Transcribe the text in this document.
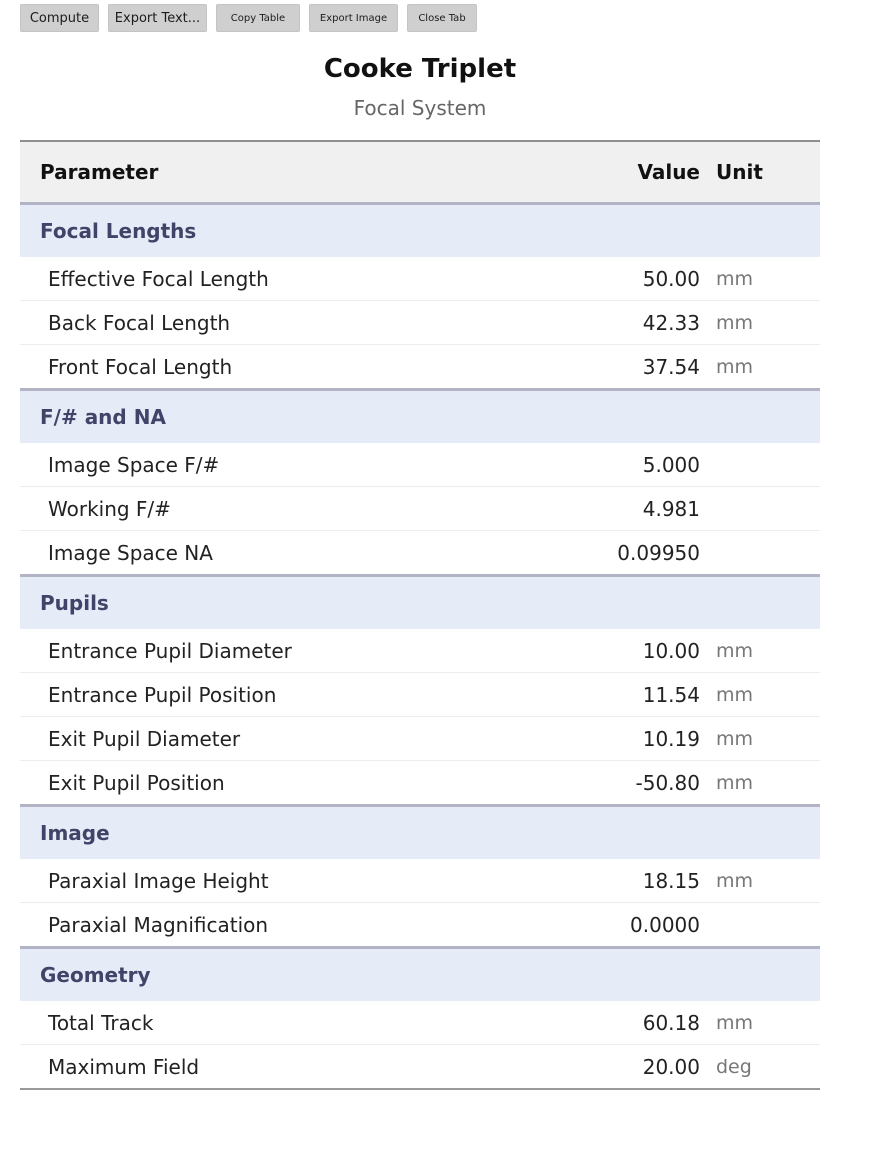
Compute	Export Text...	Copy Table	Export Image	Close Tab
Cooke Triplet
Focal System
Parameter	Value	Unit
Focal Lengths		
Effective Focal Length	50.00	mm
Back Focal Length	42.33	mm
Front Focal Length	37.54	mm
F/# and NA		
Image Space F/#	5.000	
Working F/#	4.981	
Image Space NA	0.09950	
Pupils		
Entrance Pupil Diameter	10.00	mm
Entrance Pupil Position	11.54	mm
Exit Pupil Diameter	10.19	mm
Exit Pupil Position	-50.80	mm
Image		
Paraxial Image Height	18.15	mm
Paraxial Magnification	0.0000	
Geometry		
Total Track	60.18	mm
Maximum Field	20.00	deg
